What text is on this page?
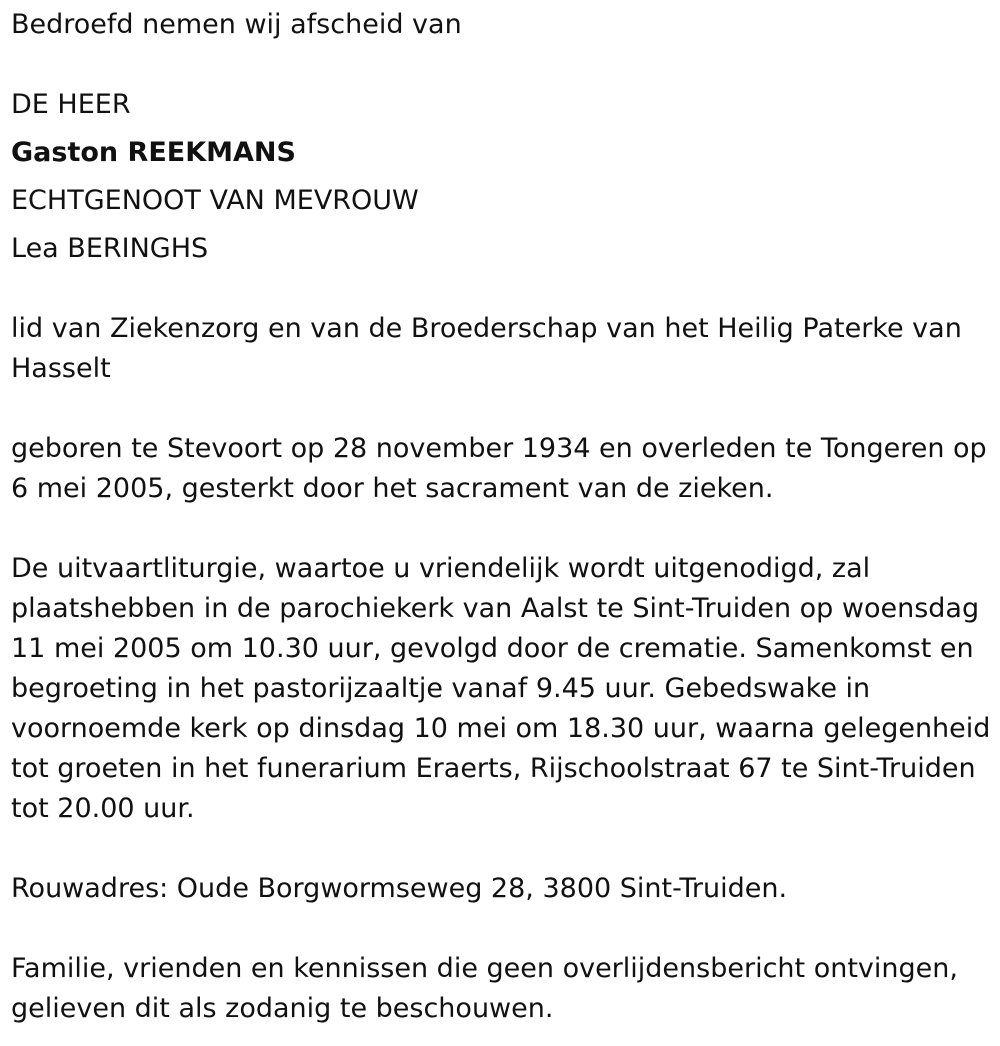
Bedroefd nemen wij afscheid van

DE HEER

Gaston REEKMANS

ECHTGENOOT VAN MEVROUW

Lea BERINGHS

lid van Ziekenzorg en van de Broederschap van het Heilig Paterke van

Hasselt

geboren te Stevoort op 28 november 1934 en overleden te Tongeren op

6 mei 2005, gesterkt door het sacrament van de zieken.

De uitvaartliturgie, waartoe u vriendelijk wordt uitgenodigd, zal

plaatshebben in de parochiekerk van Aalst te Sint-Truiden op woensdag

11 mei 2005 om 10.30 uur, gevolgd door de crematie. Samenkomst en

begroeting in het pastorijzaaltje vanaf 9.45 uur. Gebedswake in

voornoemde kerk op dinsdag 10 mei om 18.30 uur, waarna gelegenheid

tot groeten in het funerarium Eraerts, Rijschoolstraat 67 te Sint-Truiden

tot 20.00 uur.

Rouwadres: Oude Borgwormseweg 28, 3800 Sint-Truiden.

Familie, vrienden en kennissen die geen overlijdensbericht ontvingen,

gelieven dit als zodanig te beschouwen.
